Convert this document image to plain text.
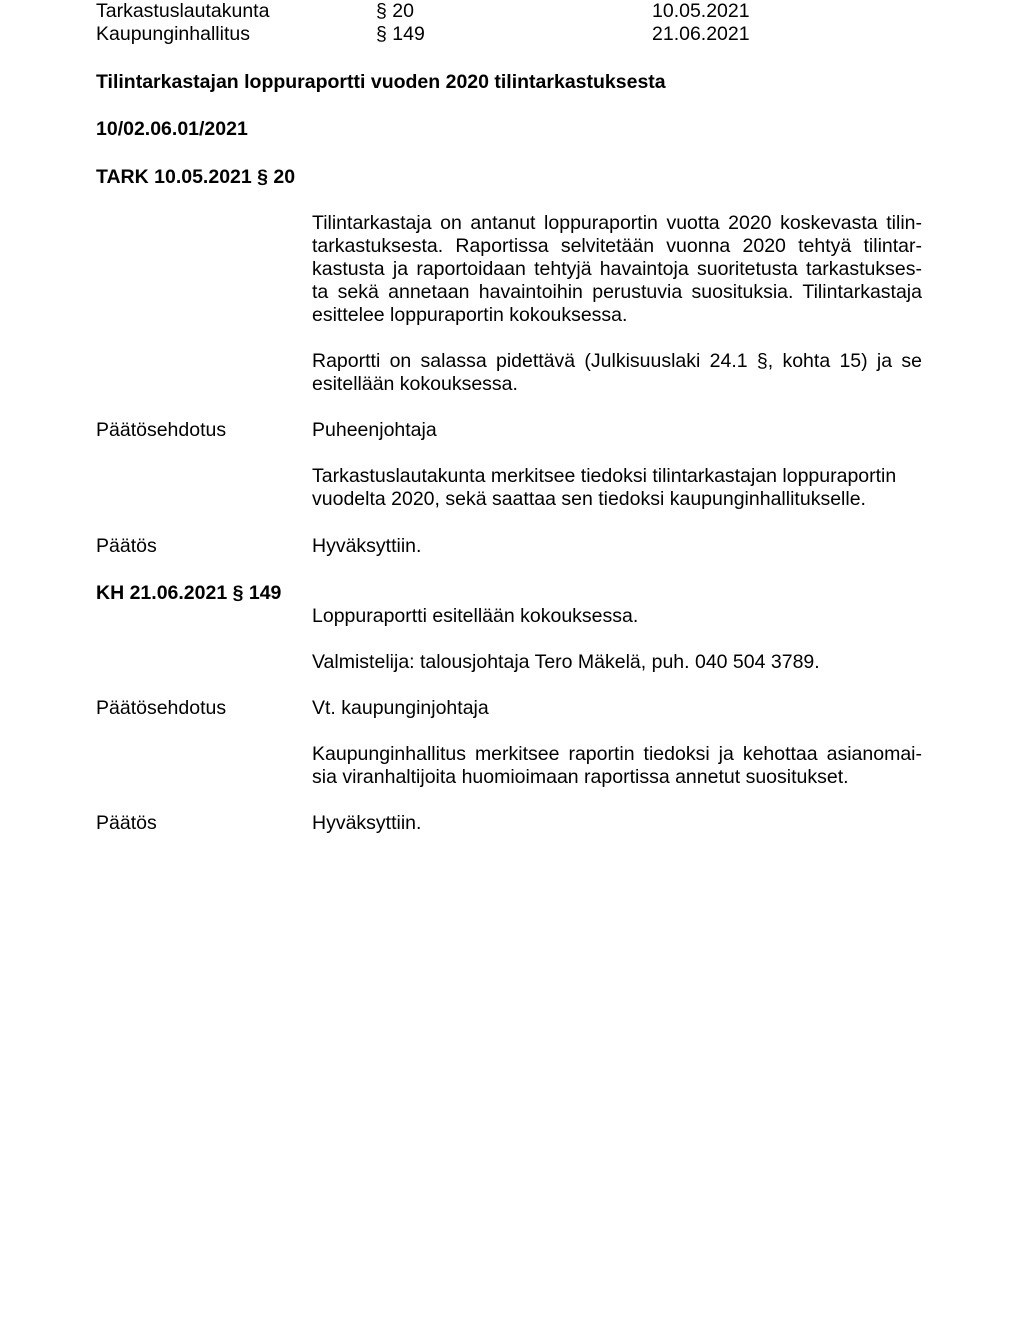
Tarkastuslautakunta	§ 20	10.05.2021
Kaupunginhallitus	§ 149	21.06.2021
Tilintarkastajan loppuraportti vuoden 2020 tilintarkastuksesta
10/02.06.01/2021
TARK 10.05.2021 § 20
Tilintarkastaja on antanut loppuraportin vuotta 2020 koskevasta tilin-
tarkastuksesta. Raportissa selvitetään vuonna 2020 tehtyä tilintar-
kastusta ja raportoidaan tehtyjä havaintoja suoritetusta tarkastukses-
ta sekä annetaan havaintoihin perustuvia suosituksia. Tilintarkastaja
esittelee loppuraportin kokouksessa.
Raportti on salassa pidettävä (Julkisuuslaki 24.1 §, kohta 15) ja se
esitellään kokouksessa.
Päätösehdotus	Puheenjohtaja
Tarkastuslautakunta merkitsee tiedoksi tilintarkastajan loppuraportin
vuodelta 2020, sekä saattaa sen tiedoksi kaupunginhallitukselle.
Päätös	Hyväksyttiin.
KH 21.06.2021 § 149
Loppuraportti esitellään kokouksessa.
Valmistelija: talousjohtaja Tero Mäkelä, puh. 040 504 3789.
Päätösehdotus	Vt. kaupunginjohtaja
Kaupunginhallitus merkitsee raportin tiedoksi ja kehottaa asianomai-
sia viranhaltijoita huomioimaan raportissa annetut suositukset.
Päätös	Hyväksyttiin.
